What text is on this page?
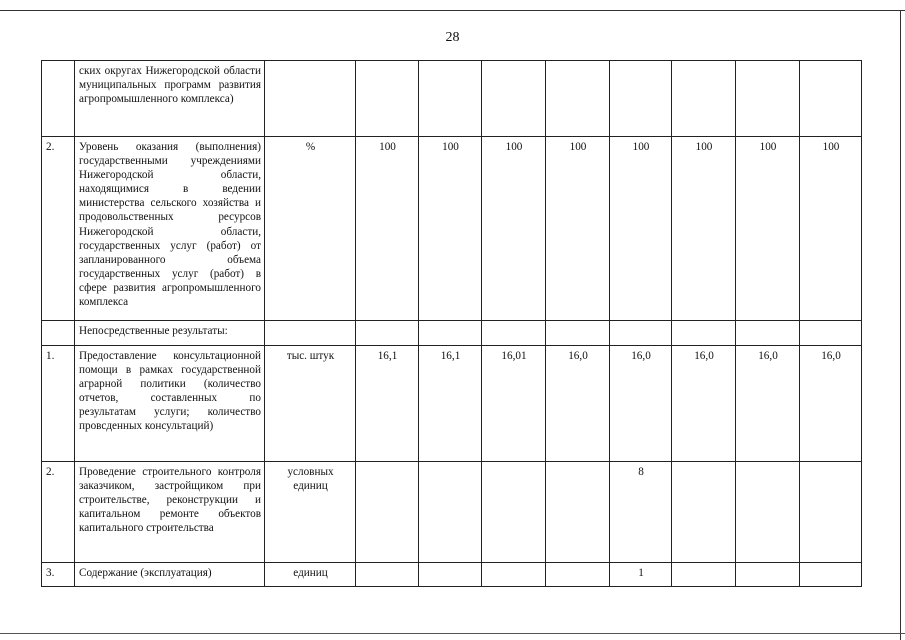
28
	ских округах Нижегородской области муниципальных программ развития агропромышленного комплекса)									
2.	Уровень оказания (выполнения) государственными учреждениями Нижегородской области, находящимися в ведении министерства сельского хозяйства и продовольственных ресурсов Нижегородской области, государственных услуг (работ) от запланированного объема государственных услуг (работ) в сфере развития агропромышленного комплекса	%	100	100	100	100	100	100	100	100
	Непосредственные результаты:									
1.	Предоставление консультационной помощи в рамках государственной аграрной политики (количество отчетов, составленных по результатам услуги; количество провсденных консультаций)	тыс. штук	16,1	16,1	16,01	16,0	16,0	16,0	16,0	16,0
2.	Проведение строительного контроля заказчиком, застройщиком при строительстве, реконструкции и капитальном ремонте объектов капитального строительства	условных единиц					8			
3.	Содержание (эксплуатация)	единиц					1			
